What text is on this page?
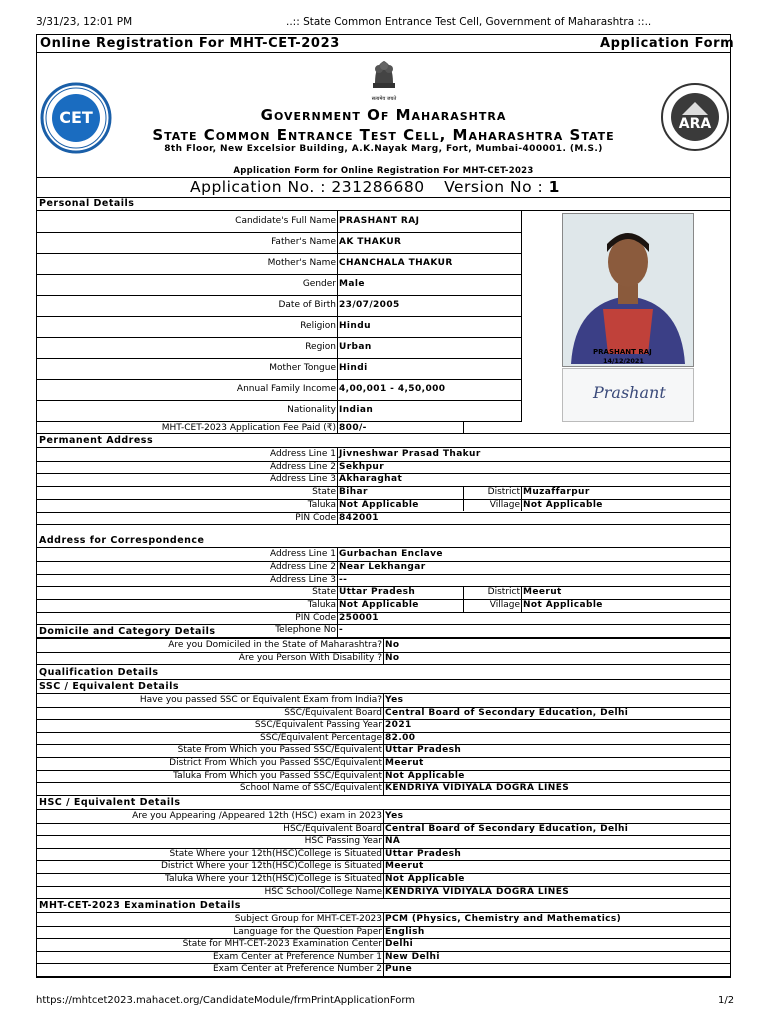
3/31/23, 12:01 PM	..:: State Common Entrance Test Cell, Government of Maharashtra ::..
https://mhtcet2023.mahacet.org/CandidateModule/frmPrintApplicationForm	1/2
Online Registration For MHT-CET-2023	Application Form
CET	ARA
सत्यमेव जयते
Government Of Maharashtra
State Common Entrance Test Cell, Maharashtra State
8th Floor, New Excelsior Building, A.K.Nayak Marg, Fort, Mumbai-400001. (M.S.)
Application Form for Online Registration For MHT-CET-2023
Application No. : 231286680 Version No : 1
Personal Details
Candidate's Full Name PRASHANT RAJ
Father's Name AK THAKUR
Mother's Name CHANCHALA THAKUR
Gender Male
Date of Birth 23/07/2005
Religion Hindu
Region Urban
Mother Tongue Hindi
Annual Family Income 4,00,001 - 4,50,000
Nationality Indian
PRASHANT RAJ
14/12/2021
Prashant
MHT-CET-2023 Application Fee Paid (₹) 800/-
Permanent Address
Address Line 1 Jivneshwar Prasad Thakur
Address Line 2 Sekhpur
Address Line 3 Akharaghat
State Bihar	District Muzaffarpur
Taluka Not Applicable	Village Not Applicable
PIN Code 842001
Address for Correspondence
Address Line 1 Gurbachan Enclave
Address Line 2 Near Lekhangar
Address Line 3 --
State Uttar Pradesh	District Meerut
Taluka Not Applicable	Village Not Applicable
PIN Code 250001
Telephone No -
Domicile and Category Details
Are you Domiciled in the State of Maharashtra? No
Are you Person With Disability ? No
Qualification Details
SSC / Equivalent Details
Have you passed SSC or Equivalent Exam from India? Yes
SSC/Equivalent Board Central Board of Secondary Education, Delhi
SSC/Equivalent Passing Year 2021
SSC/Equivalent Percentage 82.00
State From Which you Passed SSC/Equivalent Uttar Pradesh
District From Which you Passed SSC/Equivalent Meerut
Taluka From Which you Passed SSC/Equivalent Not Applicable
School Name of SSC/Equivalent KENDRIYA VIDIYALA DOGRA LINES
HSC / Equivalent Details
Are you Appearing /Appeared 12th (HSC) exam in 2023 Yes
HSC/Equivalent Board Central Board of Secondary Education, Delhi
HSC Passing Year NA
State Where your 12th(HSC)College is Situated Uttar Pradesh
District Where your 12th(HSC)College is Situated Meerut
Taluka Where your 12th(HSC)College is Situated Not Applicable
HSC School/College Name KENDRIYA VIDIYALA DOGRA LINES
MHT-CET-2023 Examination Details
Subject Group for MHT-CET-2023 PCM (Physics, Chemistry and Mathematics)
Language for the Question Paper English
State for MHT-CET-2023 Examination Center Delhi
Exam Center at Preference Number 1 New Delhi
Exam Center at Preference Number 2 Pune
